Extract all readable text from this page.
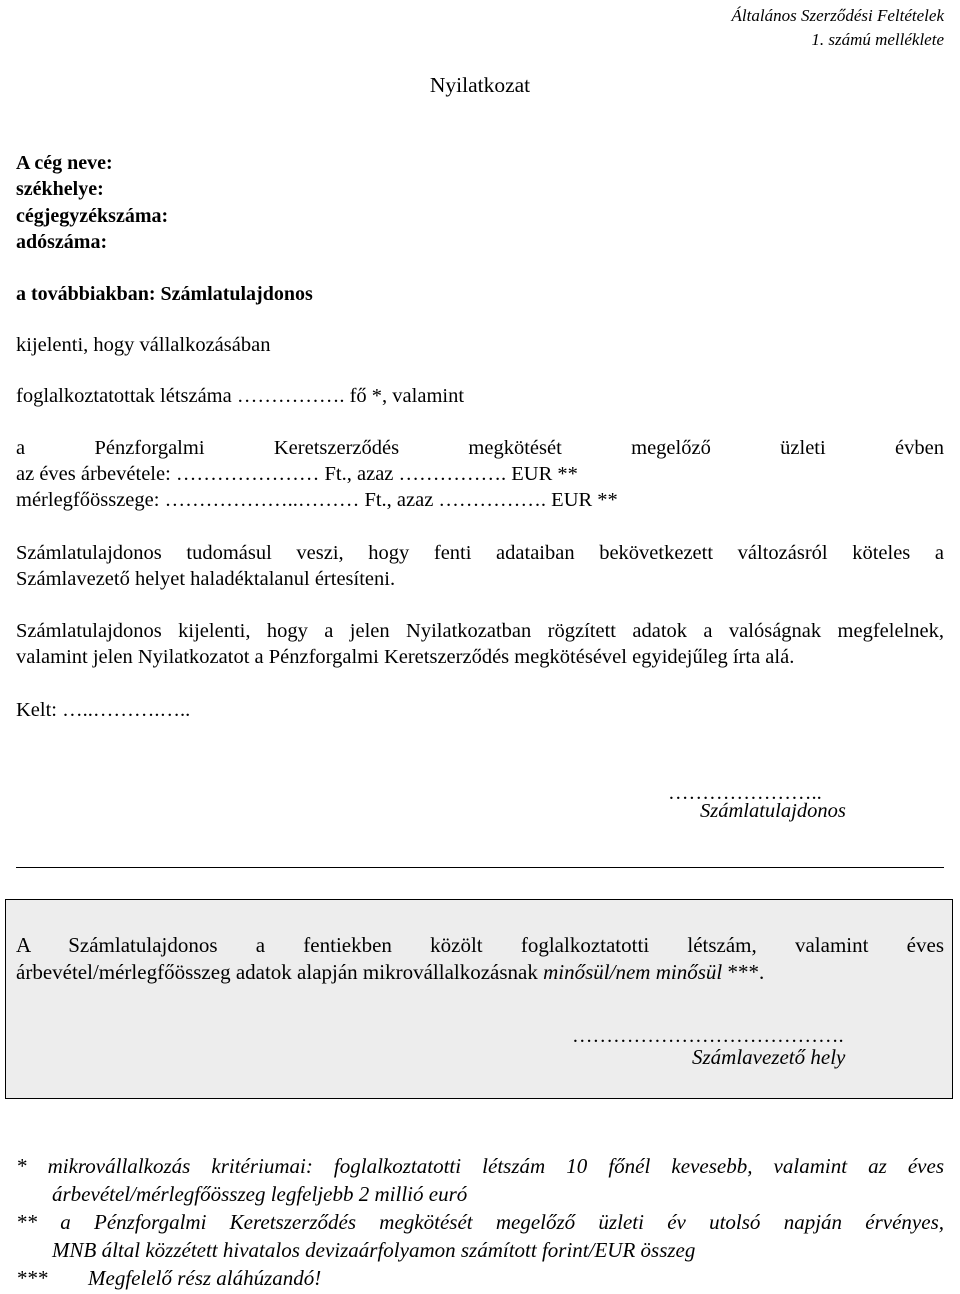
Általános Szerződési Feltételek
1. számú melléklete
Nyilatkozat
A cég neve:
székhelye:
cégjegyzékszáma:
adószáma:
a továbbiakban: Számlatulajdonos
kijelenti, hogy vállalkozásában
foglalkoztatottak létszáma ……………. fő *, valamint
a Pénzforgalmi Keretszerződés megkötését megelőző üzleti évben
az éves árbevétele: ………………… Ft., azaz ……………. EUR **
mérlegfőösszege: ………………..……… Ft., azaz ……………. EUR **
Számlatulajdonos tudomásul veszi, hogy fenti adataiban bekövetkezett változásról köteles a
Számlavezető helyet haladéktalanul értesíteni.
Számlatulajdonos kijelenti, hogy a jelen Nyilatkozatban rögzített adatok a valóságnak megfelelnek,
valamint jelen Nyilatkozatot a Pénzforgalmi Keretszerződés megkötésével egyidejűleg írta alá.
Kelt: …..……….…..
…………………..
Számlatulajdonos
A Számlatulajdonos a fentiekben közölt foglalkoztatotti létszám, valamint éves
árbevétel/mérlegfőösszeg adatok alapján mikrovállalkozásnak minősül/nem minősül ***.
………………………………….
Számlavezető hely
* mikrovállalkozás kritériumai: foglalkoztatotti létszám 10 főnél kevesebb, valamint az éves
árbevétel/mérlegfőösszeg legfeljebb 2 millió euró
** a Pénzforgalmi Keretszerződés megkötését megelőző üzleti év utolsó napján érvényes,
MNB által közzétett hivatalos devizaárfolyamon számított forint/EUR összeg
*** Megfelelő rész aláhúzandó!
